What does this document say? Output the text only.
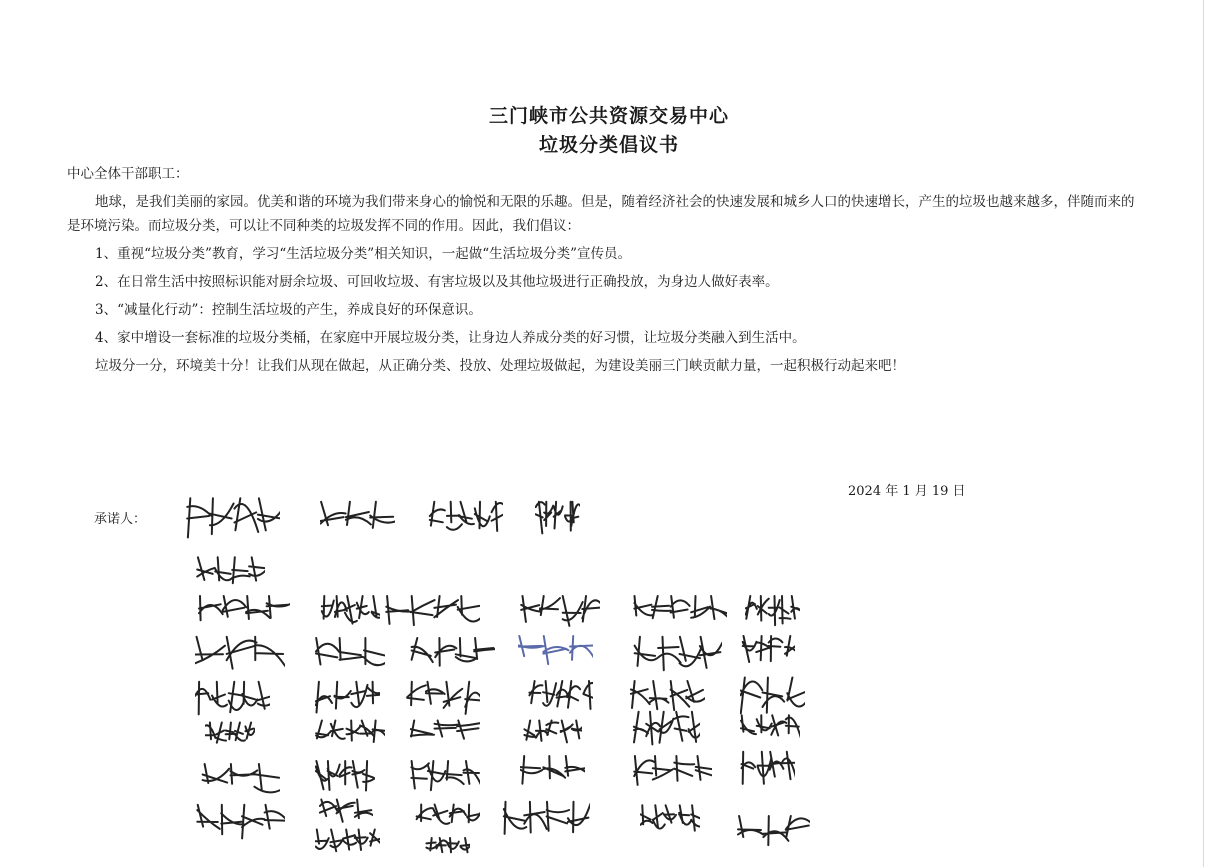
三门峡市公共资源交易中心
垃圾分类倡议书
中心全体干部职工：

地球，是我们美丽的家园。优美和谐的环境为我们带来身心的愉悦和无限的乐趣。但是，随着经济社会的快速发展和城乡人口的快速增长，产生的垃圾也越来越多，伴随而来的是环境污染。而垃圾分类，可以让不同种类的垃圾发挥不同的作用。因此，我们倡议：

1、重视“垃圾分类”教育，学习“生活垃圾分类”相关知识，一起做“生活垃圾分类”宣传员。

2、在日常生活中按照标识能对厨余垃圾、可回收垃圾、有害垃圾以及其他垃圾进行正确投放，为身边人做好表率。

3、“减量化行动”：控制生活垃圾的产生，养成良好的环保意识。

4、家中增设一套标准的垃圾分类桶，在家庭中开展垃圾分类，让身边人养成分类的好习惯，让垃圾分类融入到生活中。

垃圾分一分，环境美十分！让我们从现在做起，从正确分类、投放、处理垃圾做起，为建设美丽三门峡贡献力量，一起积极行动起来吧！

2024 年 1 月 19 日
承诺人：
